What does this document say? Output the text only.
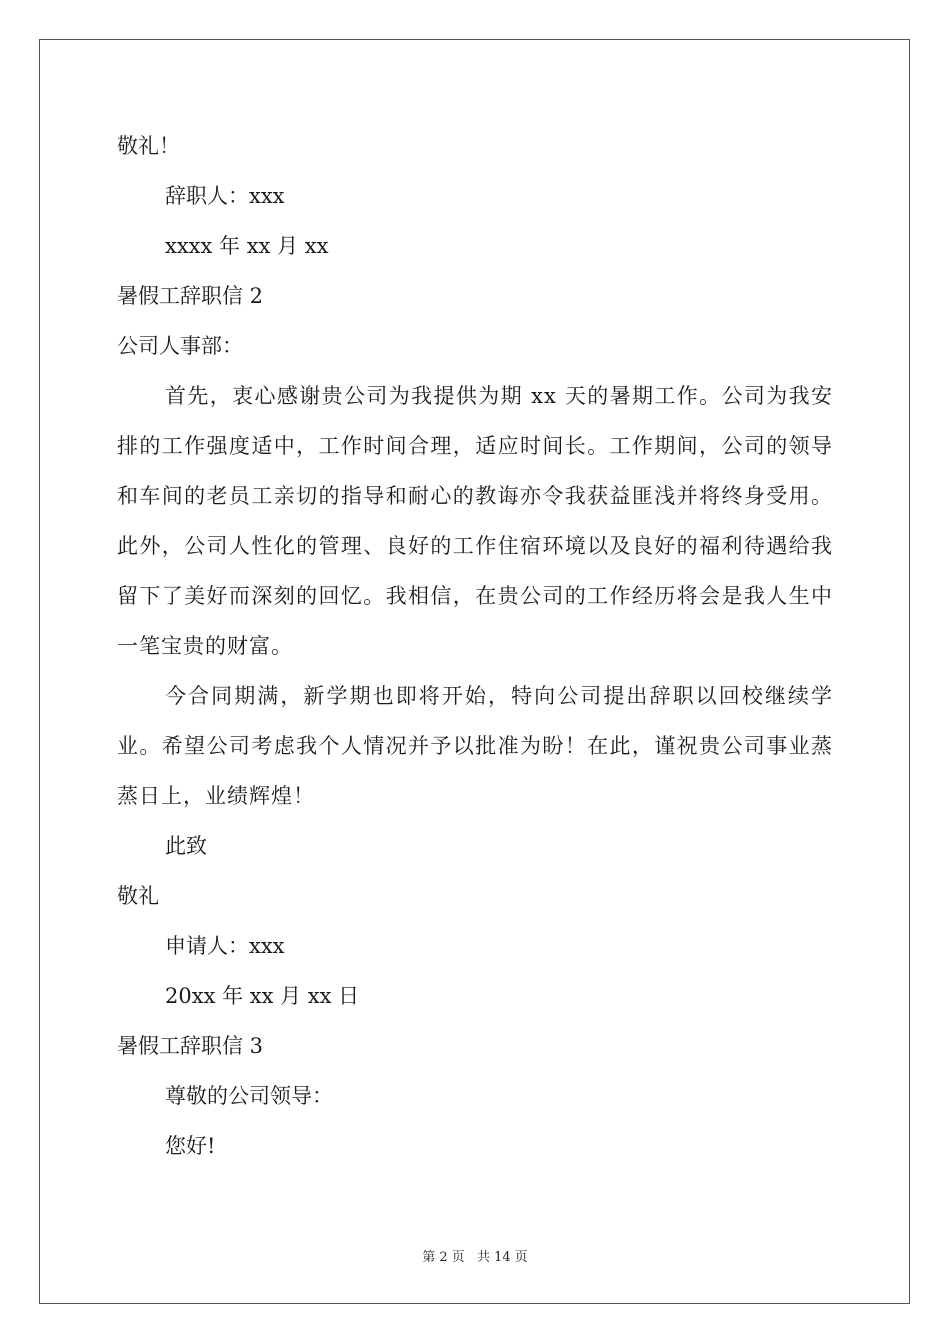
敬礼！
辞职人：xxx
xxxx 年 xx 月 xx
暑假工辞职信 2
公司人事部：

首先，衷心感谢贵公司为我提供为期 xx 天的暑期工作。公司为我安排的工作强度适中，工作时间合理，适应时间长。工作期间，公司的领导和车间的老员工亲切的指导和耐心的教诲亦令我获益匪浅并将终身受用。此外，公司人性化的管理、良好的工作住宿环境以及良好的福利待遇给我留下了美好而深刻的回忆。我相信，在贵公司的工作经历将会是我人生中一笔宝贵的财富。

今合同期满，新学期也即将开始，特向公司提出辞职以回校继续学业。希望公司考虑我个人情况并予以批准为盼！在此，谨祝贵公司事业蒸蒸日上，业绩辉煌！

此致
敬礼
申请人：xxx
20xx 年 xx 月 xx 日
暑假工辞职信 3
尊敬的公司领导：
您好!
第 2 页 共 14 页
